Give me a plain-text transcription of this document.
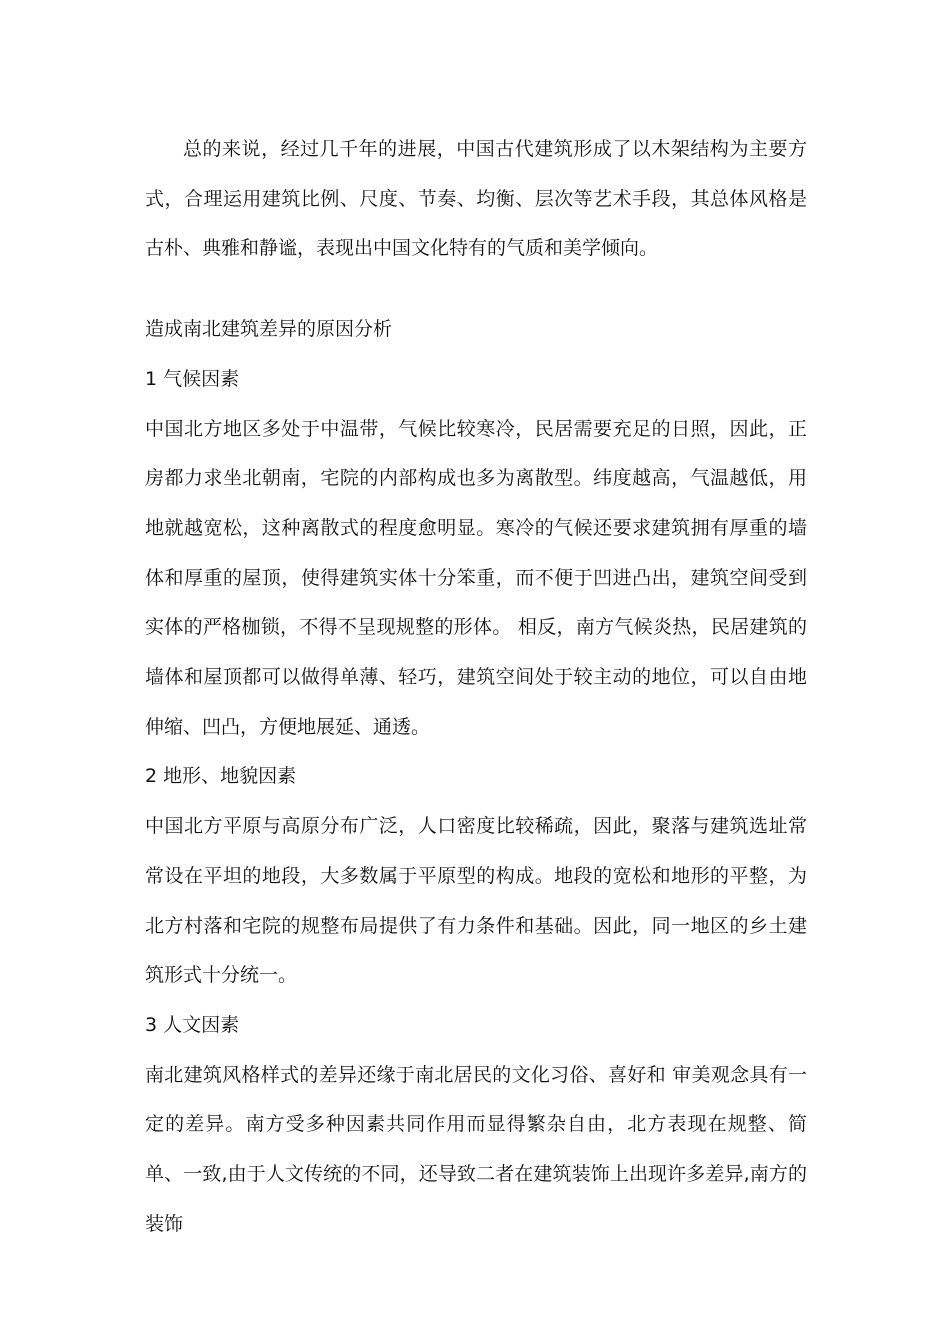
总的来说，经过几千年的进展，中国古代建筑形成了以木架结构为主要方式，合理运用建筑比例、尺度、节奏、均衡、层次等艺术手段，其总体风格是古朴、典雅和静谧，表现出中国文化特有的气质和美学倾向。

造成南北建筑差异的原因分析

1 气候因素

中国北方地区多处于中温带，气候比较寒冷，民居需要充足的日照，因此，正房都力求坐北朝南，宅院的内部构成也多为离散型。纬度越高，气温越低，用地就越宽松，这种离散式的程度愈明显。寒冷的气候还要求建筑拥有厚重的墙体和厚重的屋顶，使得建筑实体十分笨重，而不便于凹进凸出，建筑空间受到实体的严格枷锁，不得不呈现规整的形体。 相反，南方气候炎热，民居建筑的墙体和屋顶都可以做得单薄、轻巧，建筑空间处于较主动的地位，可以自由地伸缩、凹凸，方便地展延、通透。

2 地形、地貌因素

中国北方平原与高原分布广泛，人口密度比较稀疏，因此，聚落与建筑选址常常设在平坦的地段，大多数属于平原型的构成。地段的宽松和地形的平整，为北方村落和宅院的规整布局提供了有力条件和基础。因此，同一地区的乡土建筑形式十分统一。

3 人文因素

南北建筑风格样式的差异还缘于南北居民的文化习俗、喜好和 审美观念具有一定的差异。南方受多种因素共同作用而显得繁杂自由，北方表现在规整、简单、一致,由于人文传统的不同，还导致二者在建筑装饰上出现许多差异,南方的装饰
